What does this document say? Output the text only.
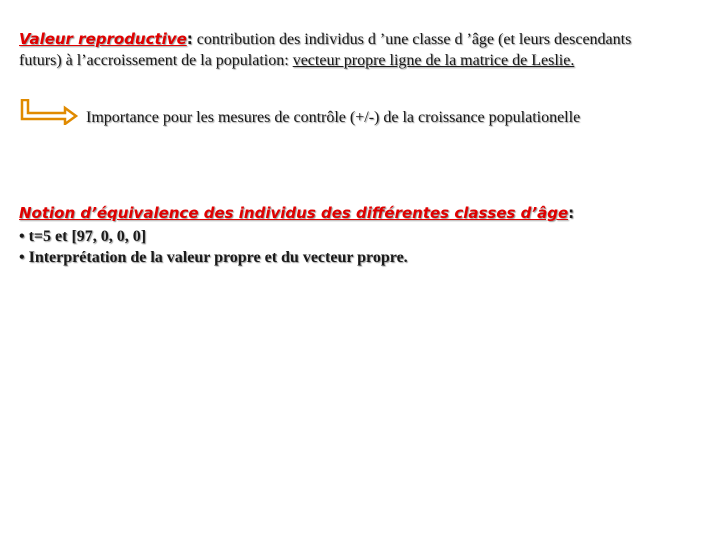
Valeur reproductive: contribution des individus d ’une classe d ’âge (et leurs descendants futurs) à l’accroissement de la population: vecteur propre ligne de la matrice de Leslie.
Importance pour les mesures de contrôle (+/-) de la croissance populationelle
Notion d’équivalence des individus des différentes classes d’âge:
• t=5 et [97, 0, 0, 0]
• Interprétation de la valeur propre et du vecteur propre.
